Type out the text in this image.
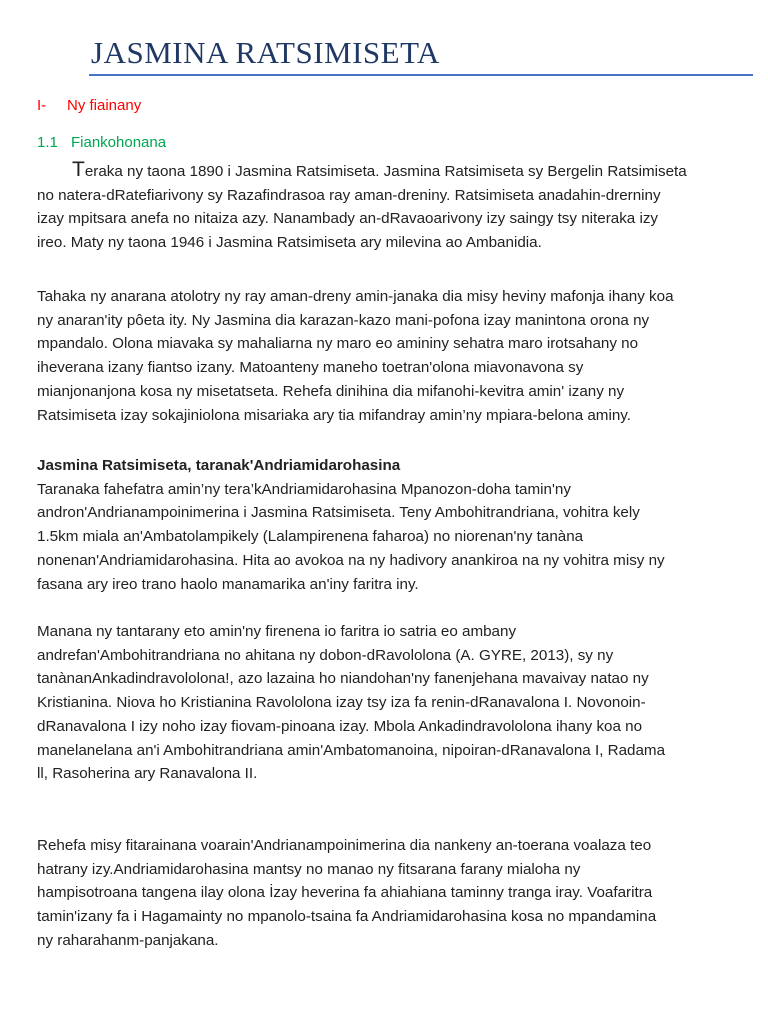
JASMINA RATSIMISETA
I- Ny fiainany
1.1 Fiankohonana
Teraka ny taona 1890 i Jasmina Ratsimiseta. Jasmina Ratsimiseta sy Bergelin Ratsimiseta
no natera-dRatefiarivony sy Razafindrasoa ray aman-dreniny. Ratsimiseta anadahin-drerniny
izay mpitsara anefa no nitaiza azy. Nanambady an-dRavaoarivony izy saingy tsy niteraka izy
ireo. Maty ny taona 1946 i Jasmina Ratsimiseta ary milevina ao Ambanidia.
Tahaka ny anarana atolotry ny ray aman-dreny amin-janaka dia misy heviny mafonja ihany koa
ny anaran'ity pôeta ity. Ny Jasmina dia karazan-kazo mani-pofona izay manintona orona ny
mpandalo. Olona miavaka sy mahaliarna ny maro eo amininy sehatra maro irotsahany no
iheverana izany fiantso izany. Matoanteny maneho toetran'olona miavonavona sy
mianjonanjona kosa ny misetatseta. Rehefa dinihina dia mifanohi-kevitra amin' izany ny
Ratsimiseta izay sokajiniolona misariaka ary tia mifandray amin’ny mpiara-belona aminy.
Jasmina Ratsimiseta, taranak'Andriamidarohasina
Taranaka fahefatra amin’ny tera’kAndriamidarohasina Mpanozon-doha tamin'ny
andron'Andrianampoinimerina i Jasmina Ratsimiseta. Teny Ambohitrandriana, vohitra kely
1.5km miala an'Ambatolampikely (Lalampirenena faharoa) no niorenan'ny tanàna
nonenan'Andriamidarohasina. Hita ao avokoa na ny hadivory anankiroa na ny vohitra misy ny
fasana ary ireo trano haolo manamarika an'iny faritra iny.
Manana ny tantarany eto amin'ny firenena io faritra io satria eo ambany
andrefan'Ambohitrandriana no ahitana ny dobon-dRavololona (A. GYRE, 2013), sy ny
tanànanAnkadindravololona!, azo lazaina ho niandohan'ny fanenjehana mavaivay natao ny
Kristianina. Niova ho Kristianina Ravololona izay tsy iza fa renin-dRanavalona I. Novonoin-
dRanavalona I izy noho izay fiovam-pinoana izay. Mbola Ankadindravololona ihany koa no
manelanelana an'i Ambohitrandriana amin'Ambatomanoina, nipoiran-dRanavalona I, Radama
ll, Rasoherina ary Ranavalona II.
Rehefa misy fitarainana voarain'Andrianampoinimerina dia nankeny an-toerana voalaza teo
hatrany izy.Andriamidarohasina mantsy no manao ny fitsarana farany mialoha ny
hampisotroana tangena ilay olona İzay heverina fa ahiahiana taminny tranga iray. Voafaritra
tamin'izany fa i Hagamainty no mpanolo-tsaina fa Andriamidarohasina kosa no mpandamina
ny raharahanm-panjakana.
